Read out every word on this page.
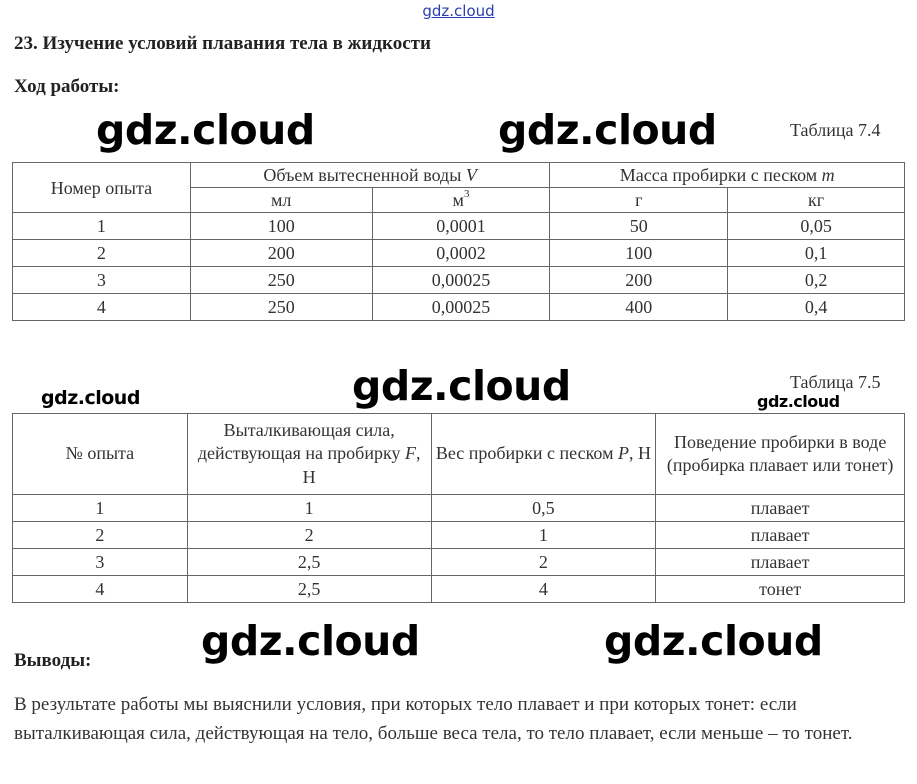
gdz.cloud
23. Изучение условий плавания тела в жидкости
Ход работы:
gdz.cloud	gdz.cloud	Таблица 7.4
Номер опыта	Объем вытесненной воды V		Масса пробирки с песком m	
	мл	$м^3$	г	кг
1	100	0,0001	50	0,05
2	200	0,0002	100	0,1
3	250	0,00025	200	0,2
4	250	0,00025	400	0,4
gdz.cloud	gdz.cloud	Таблица 7.5
gdz.cloud
№ опыта	Выталкивающая сила, действующая на пробирку F, Н	Вес пробирки с песком P, Н	Поведение пробирки в воде (пробирка плавает или тонет)
1	1	0,5	плавает
2	2	1	плавает
3	2,5	2	плавает
4	2,5	4	тонет
gdz.cloud	gdz.cloud
Выводы:
В результате работы мы выяснили условия, при которых тело плавает и при которых тонет: если выталкивающая сила, действующая на тело, больше веса тела, то тело плавает, если меньше – то тонет.
